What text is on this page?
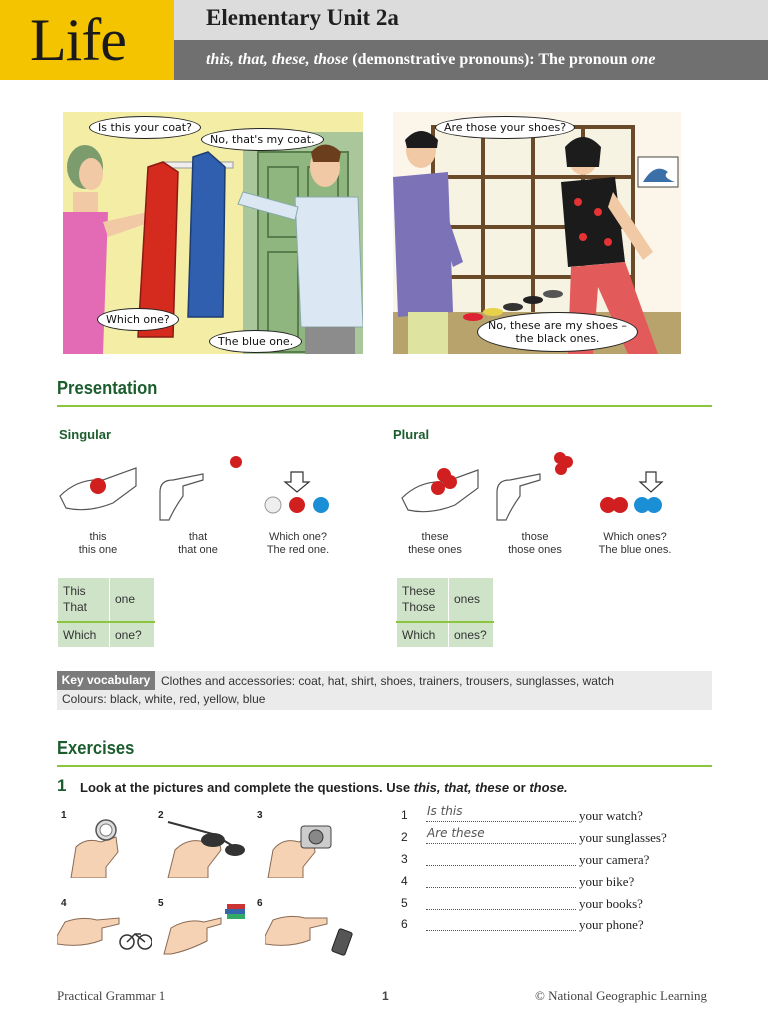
Life	Elementary Unit 2a

this, that, these, those (demonstrative pronouns): The pronoun one

Is this your coat?
No, that's my coat.
Which one?
The blue one.
Are those your shoes?
No, these are my shoes –
the black ones.
Presentation
Singular	Plural
this
this one
that
that one
Which one?
The red one.
these
these ones
those
those ones
Which ones?
The blue ones.
This
That	one
Which	one?
These
Those	ones
Which	ones?
Key vocabulary Clothes and accessories: coat, hat, shirt, shoes, trainers, trousers, sunglasses, watch
Colours: black, white, red, yellow, blue
Exercises
1 Look at the pictures and complete the questions. Use this, that, these or those.
1	2	3
4	5	6
1 Is this	your watch?
2 Are these	your sunglasses?
3	your camera?
4	your bike?
5	your books?
6	your phone?
Practical Grammar 1	1	© National Geographic Learning
